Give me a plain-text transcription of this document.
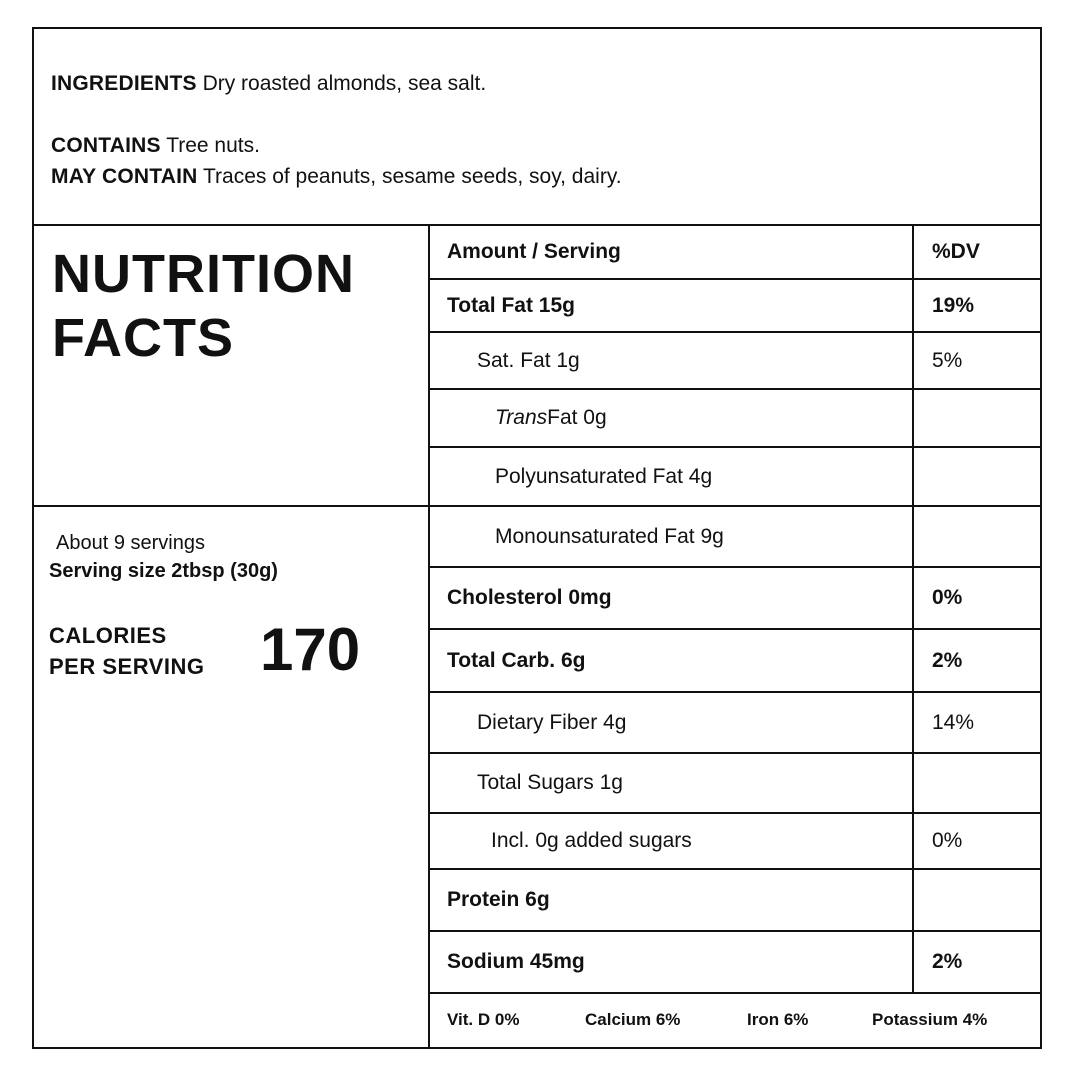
INGREDIENTS Dry roasted almonds, sea salt.
CONTAINS Tree nuts.
MAY CONTAIN Traces of peanuts, sesame seeds, soy, dairy.
NUTRITION
FACTS
About 9 servings
Serving size 2tbsp (30g)
CALORIES
PER SERVING 170
Amount / Serving	%DV
Total Fat 15g	19%
Sat. Fat 1g	5%
Trans Fat 0g
Polyunsaturated Fat 4g
Monounsaturated Fat 9g
Cholesterol 0mg	0%
Total Carb. 6g	2%
Dietary Fiber 4g	14%
Total Sugars 1g
Incl. 0g added sugars	0%
Protein 6g
Sodium 45mg	2%
Vit. D 0%	Calcium 6%	Iron 6%	Potassium 4%
